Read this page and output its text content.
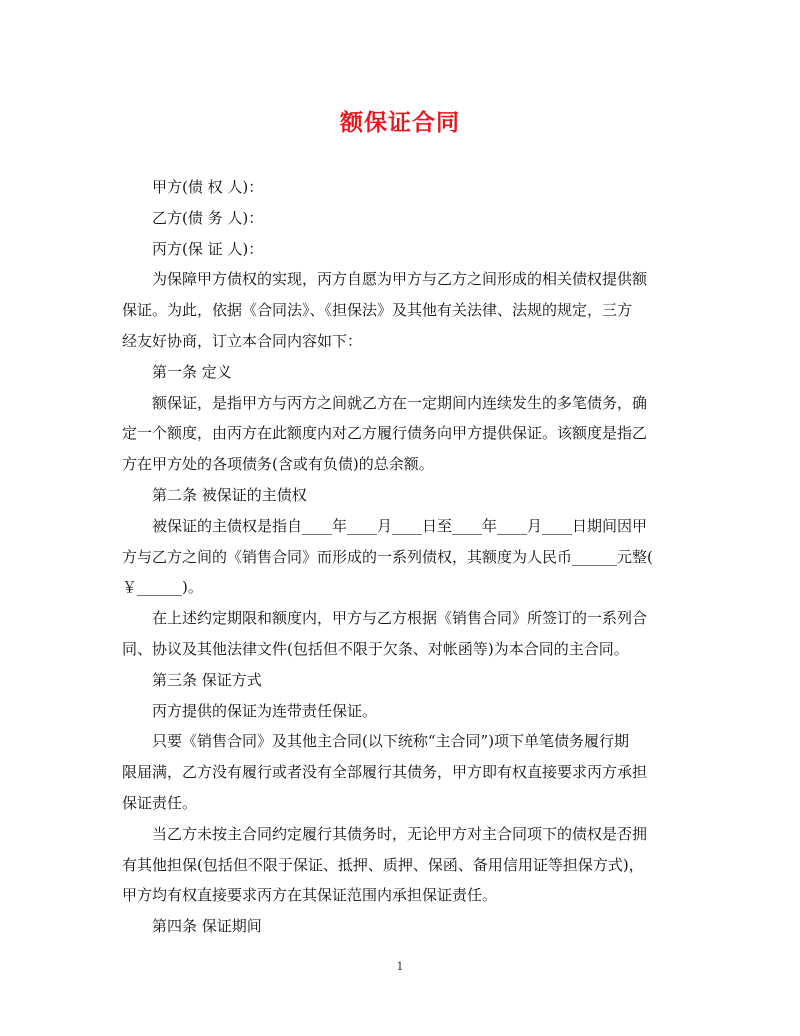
额保证合同

甲方(债 权 人)：

乙方(债 务 人)：

丙方(保 证 人)：

为保障甲方债权的实现，丙方自愿为甲方与乙方之间形成的相关债权提供额

保证。为此，依据《合同法》、《担保法》及其他有关法律、法规的规定，三方

经友好协商，订立本合同内容如下：

第一条 定义

额保证，是指甲方与丙方之间就乙方在一定期间内连续发生的多笔债务，确

定一个额度，由丙方在此额度内对乙方履行债务向甲方提供保证。该额度是指乙

方在甲方处的各项债务(含或有负债)的总余额。

第二条 被保证的主债权

被保证的主债权是指自____年____月____日至____年____月____日期间因甲

方与乙方之间的《销售合同》而形成的一系列债权，其额度为人民币______元整(

￥______)。

在上述约定期限和额度内，甲方与乙方根据《销售合同》所签订的一系列合

同、协议及其他法律文件(包括但不限于欠条、对帐函等)为本合同的主合同。

第三条 保证方式

丙方提供的保证为连带责任保证。

只要《销售合同》及其他主合同(以下统称“主合同”)项下单笔债务履行期

限届满，乙方没有履行或者没有全部履行其债务，甲方即有权直接要求丙方承担

保证责任。

当乙方未按主合同约定履行其债务时，无论甲方对主合同项下的债权是否拥

有其他担保(包括但不限于保证、抵押、质押、保函、备用信用证等担保方式)，

甲方均有权直接要求丙方在其保证范围内承担保证责任。

第四条 保证期间

1
